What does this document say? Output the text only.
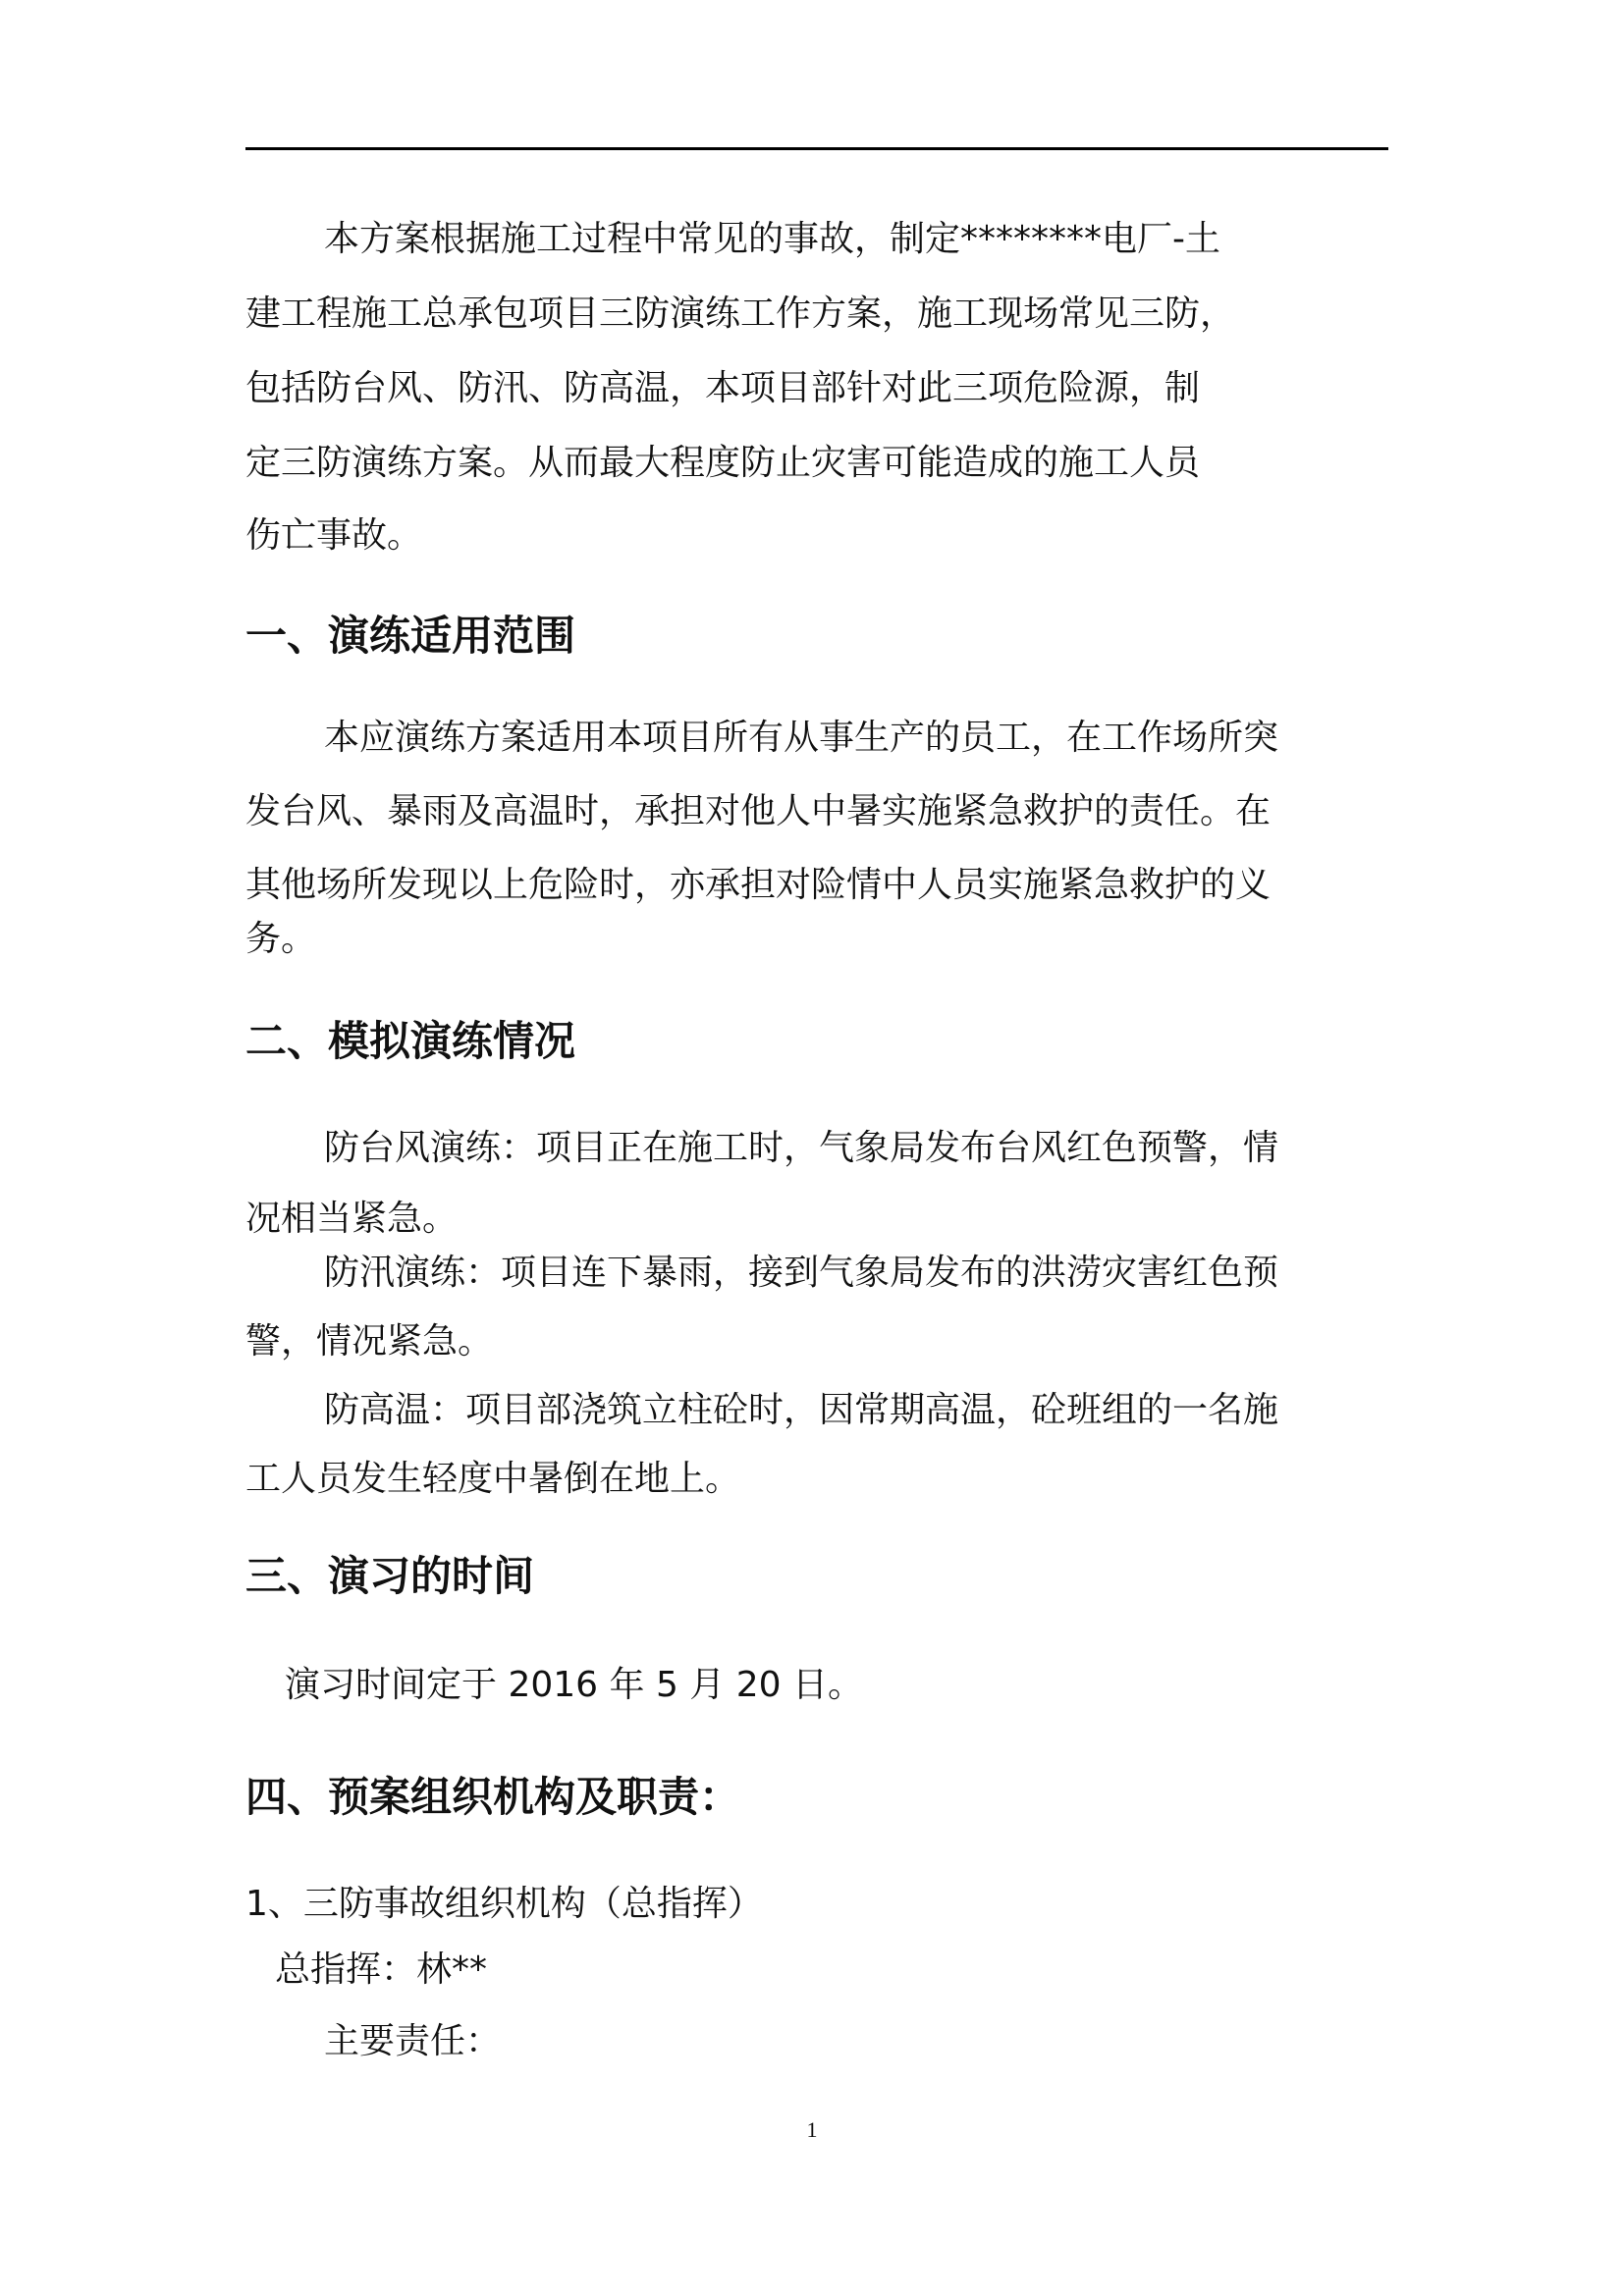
本方案根据施工过程中常见的事故，制定********电厂-土
建工程施工总承包项目三防演练工作方案，施工现场常见三防，
包括防台风、防汛、防高温，本项目部针对此三项危险源，制
定三防演练方案。从而最大程度防止灾害可能造成的施工人员
伤亡事故。
一、演练适用范围
本应演练方案适用本项目所有从事生产的员工，在工作场所突
发台风、暴雨及高温时，承担对他人中暑实施紧急救护的责任。在
其他场所发现以上危险时，亦承担对险情中人员实施紧急救护的义
务。
二、模拟演练情况
防台风演练：项目正在施工时，气象局发布台风红色预警，情
况相当紧急。
防汛演练：项目连下暴雨，接到气象局发布的洪涝灾害红色预
警，情况紧急。
防高温：项目部浇筑立柱砼时，因常期高温，砼班组的一名施
工人员发生轻度中暑倒在地上。
三、演习的时间
演习时间定于 2016 年 5 月 20 日。
四、预案组织机构及职责：
1、三防事故组织机构（总指挥）
总指挥：林**
主要责任：
1
